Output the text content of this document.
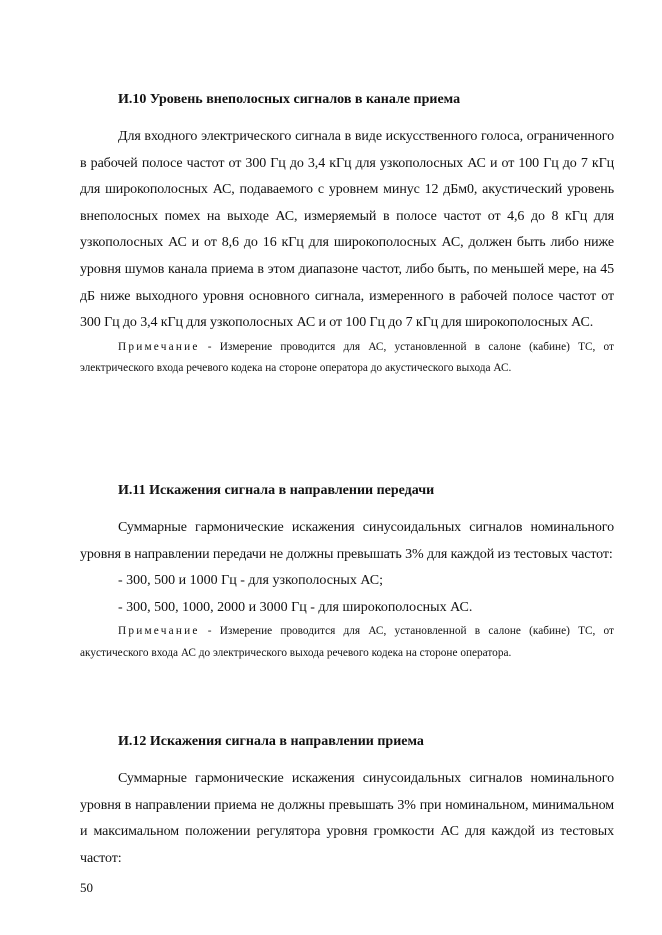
И.10 Уровень внеполосных сигналов в канале приема

Для входного электрического сигнала в виде искусственного голоса, ограниченного в рабочей полосе частот от 300 Гц до 3,4 кГц для узкополосных АС и от 100 Гц до 7 кГц для широкополосных АС, подаваемого с уровнем минус 12 дБм0, акустический уровень внеполосных помех на выходе АС, измеряемый в полосе частот от 4,6 до 8 кГц для узкополосных АС и от 8,6 до 16 кГц для широкополосных АС, должен быть либо ниже уровня шумов канала приема в этом диапазоне частот, либо быть, по меньшей мере, на 45 дБ ниже выходного уровня основного сигнала, измеренного в рабочей полосе частот от 300 Гц до 3,4 кГц для узкополосных АС и от 100 Гц до 7 кГц для широкополосных АС.

Примечание - Измерение проводится для АС, установленной в салоне (кабине) ТС, от электрического входа речевого кодека на стороне оператора до акустического выхода АС.

И.11 Искажения сигнала в направлении передачи

Суммарные гармонические искажения синусоидальных сигналов номинального уровня в направлении передачи не должны превышать 3% для каждой из тестовых частот:

- 300, 500 и 1000 Гц - для узкополосных АС;

- 300, 500, 1000, 2000 и 3000 Гц - для широкополосных АС.

Примечание - Измерение проводится для АС, установленной в салоне (кабине) ТС, от акустического входа АС до электрического выхода речевого кодека на стороне оператора.

И.12 Искажения сигнала в направлении приема

Суммарные гармонические искажения синусоидальных сигналов номинального уровня в направлении приема не должны превышать 3% при номинальном, минимальном и максимальном положении регулятора уровня громкости АС для каждой из тестовых частот:

50
